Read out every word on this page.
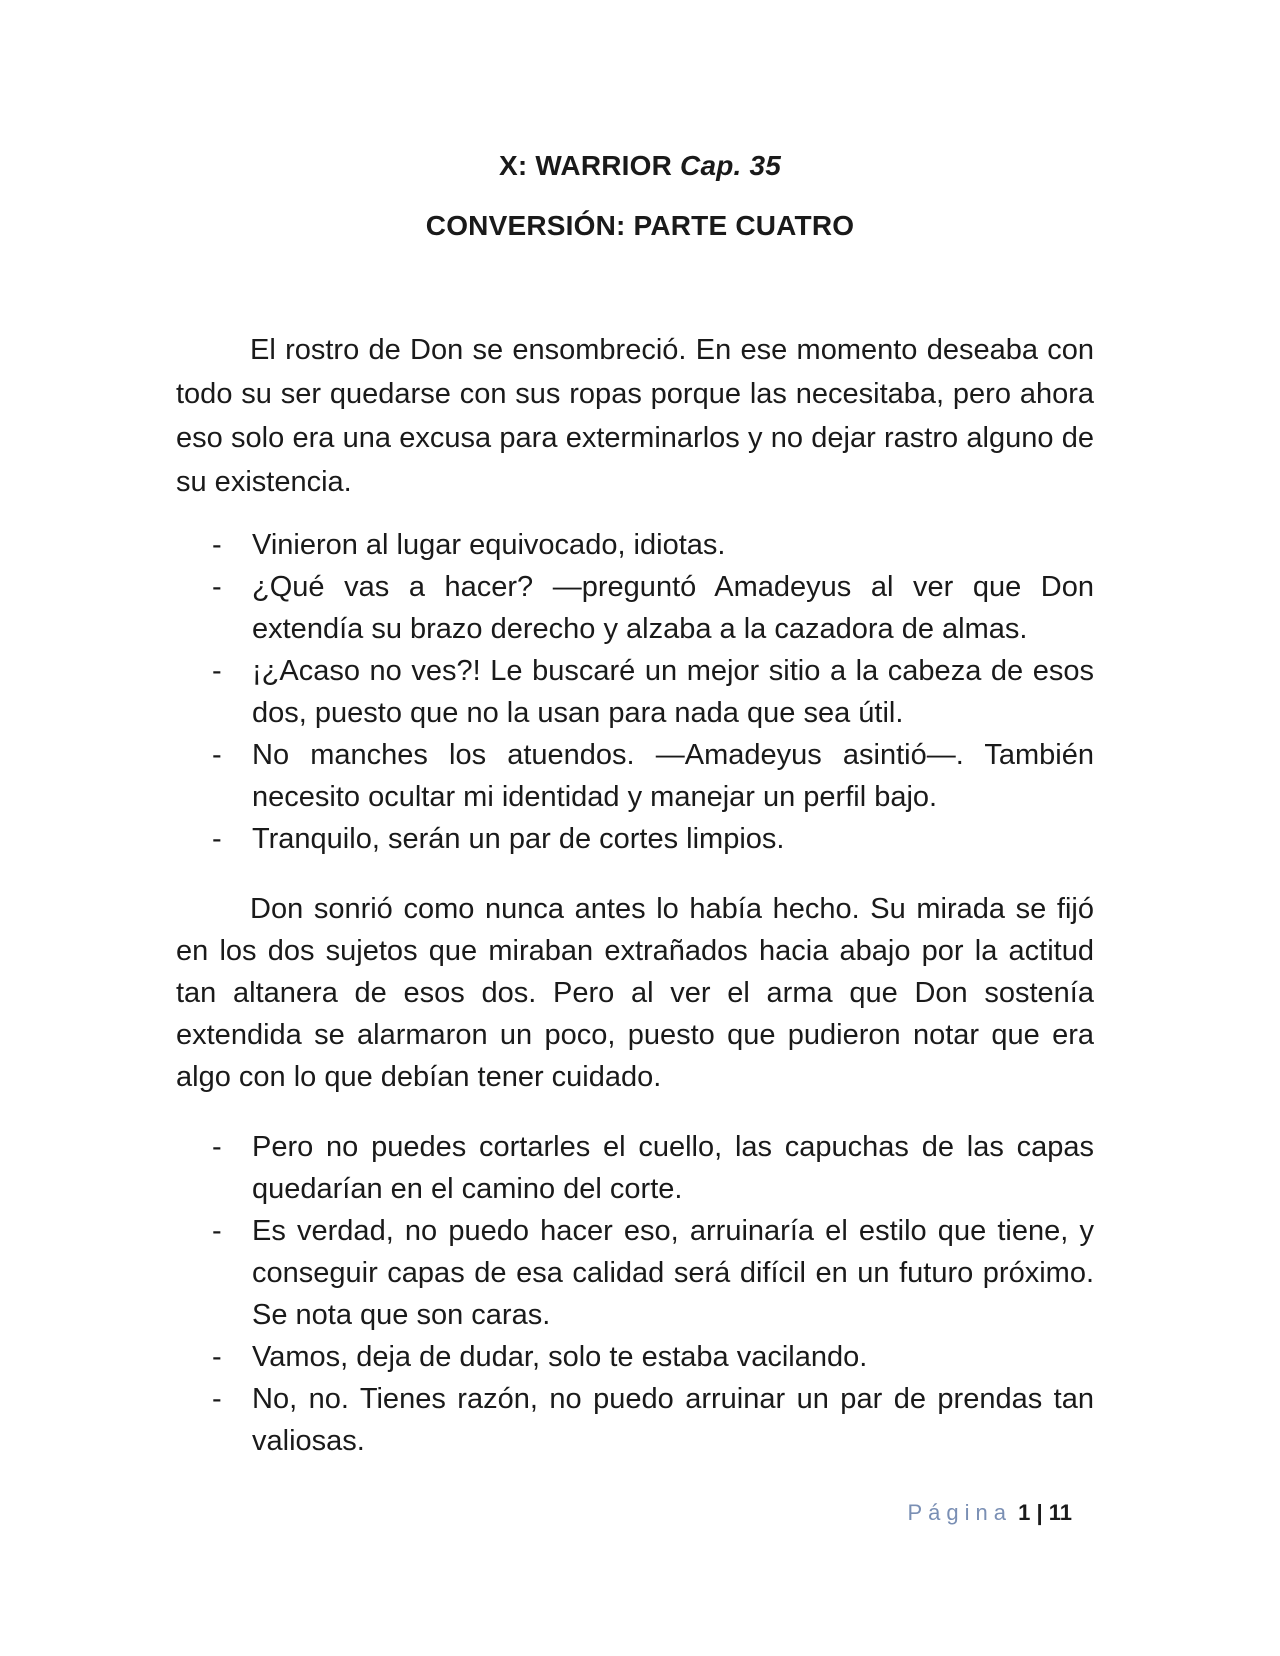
X: WARRIOR Cap. 35
CONVERSIÓN: PARTE CUATRO

El rostro de Don se ensombreció. En ese momento deseaba con todo su ser quedarse con sus ropas porque las necesitaba, pero ahora eso solo era una excusa para exterminarlos y no dejar rastro alguno de su existencia.

- Vinieron al lugar equivocado, idiotas.
- ¿Qué vas a hacer? —preguntó Amadeyus al ver que Don extendía su brazo derecho y alzaba a la cazadora de almas.
- ¡¿Acaso no ves?! Le buscaré un mejor sitio a la cabeza de esos dos, puesto que no la usan para nada que sea útil.
- No manches los atuendos. —Amadeyus asintió—. También necesito ocultar mi identidad y manejar un perfil bajo.
- Tranquilo, serán un par de cortes limpios.

Don sonrió como nunca antes lo había hecho. Su mirada se fijó en los dos sujetos que miraban extrañados hacia abajo por la actitud tan altanera de esos dos. Pero al ver el arma que Don sostenía extendida se alarmaron un poco, puesto que pudieron notar que era algo con lo que debían tener cuidado.

- Pero no puedes cortarles el cuello, las capuchas de las capas quedarían en el camino del corte.
- Es verdad, no puedo hacer eso, arruinaría el estilo que tiene, y conseguir capas de esa calidad será difícil en un futuro próximo. Se nota que son caras.
- Vamos, deja de dudar, solo te estaba vacilando.
- No, no. Tienes razón, no puedo arruinar un par de prendas tan valiosas.
Página 1 | 11
